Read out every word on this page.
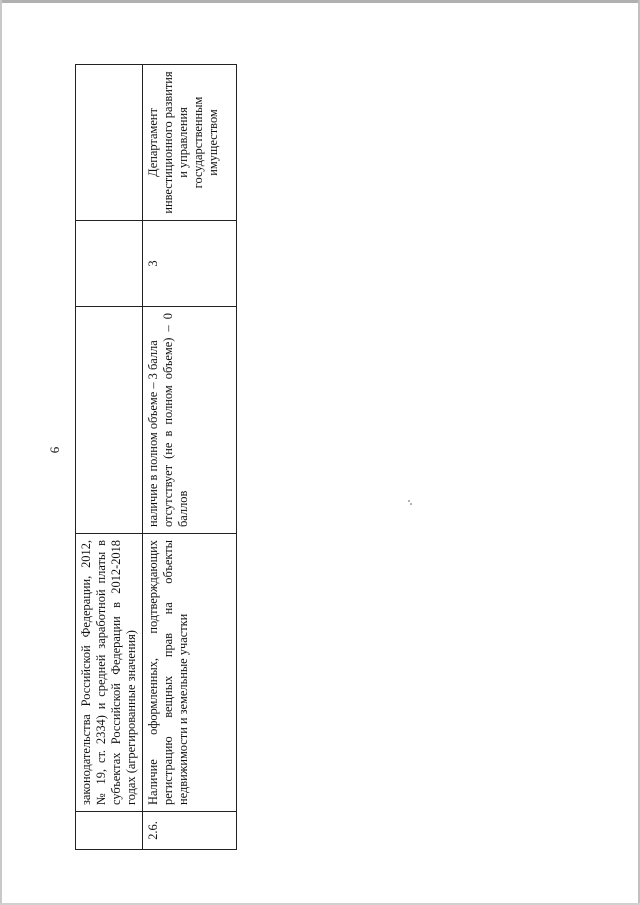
6

	законодательства Российской Федерации, 2012, № 19, ст. 2334) и средней заработной платы в субъектах Российской Федерации в 2012-2018 годах (агрегированные значения)			

2.6.	Наличие оформленных, подтверждающих регистрацию вещных прав на объекты недвижимости и земельные участки	наличие в полном объеме – 3 балла отсутствует (не в полном объеме) – 0 баллов	3	Департамент инвестиционного развития и управления государственным имуществом
